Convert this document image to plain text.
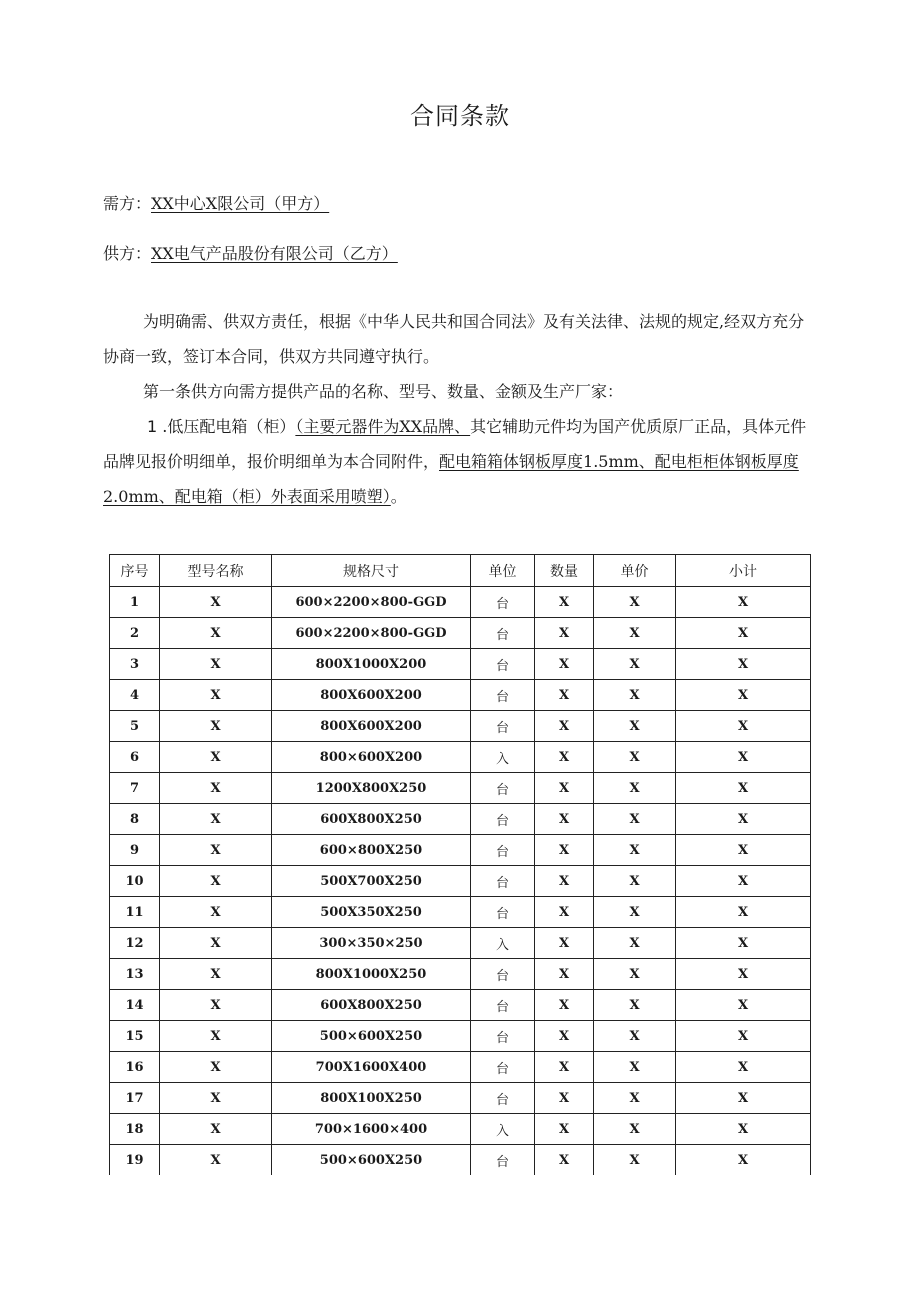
合同条款
需方：XX中心X限公司（甲方）
供方：XX电气产品股份有限公司（乙方）
为明确需、供双方责任，根据《中华人民共和国合同法》及有关法律、法规的规定,经双方充分协商一致，签订本合同，供双方共同遵守执行。
第一条供方向需方提供产品的名称、型号、数量、金额及生产厂家：
1 .低压配电箱（柜）（主要元器件为XX品牌、其它辅助元件均为国产优质原厂正品，具体元件品牌见报价明细单，报价明细单为本合同附件，配电箱箱体钢板厚度1.5mm、配电柜柜体钢板厚度2.0mm、配电箱（柜）外表面采用喷塑）。
序号	型号名称	规格尺寸	单位	数量	单价	小计
1	X	600×2200×800-GGD	台	X	X	X
2	X	600×2200×800-GGD	台	X	X	X
3	X	800X1000X200	台	X	X	X
4	X	800X600X200	台	X	X	X
5	X	800X600X200	台	X	X	X
6	X	800×600X200	⼊	X	X	X
7	X	1200X800X250	台	X	X	X
8	X	600X800X250	台	X	X	X
9	X	600×800X250	台	X	X	X
10	X	500X700X250	台	X	X	X
11	X	500X350X250	台	X	X	X
12	X	300×350×250	⼊	X	X	X
13	X	800X1000X250	台	X	X	X
14	X	600X800X250	台	X	X	X
15	X	500×600X250	台	X	X	X
16	X	700X1600X400	台	X	X	X
17	X	800X100X250	台	X	X	X
18	X	700×1600×400	⼊	X	X	X
19	X	500×600X250	台	X	X	X
